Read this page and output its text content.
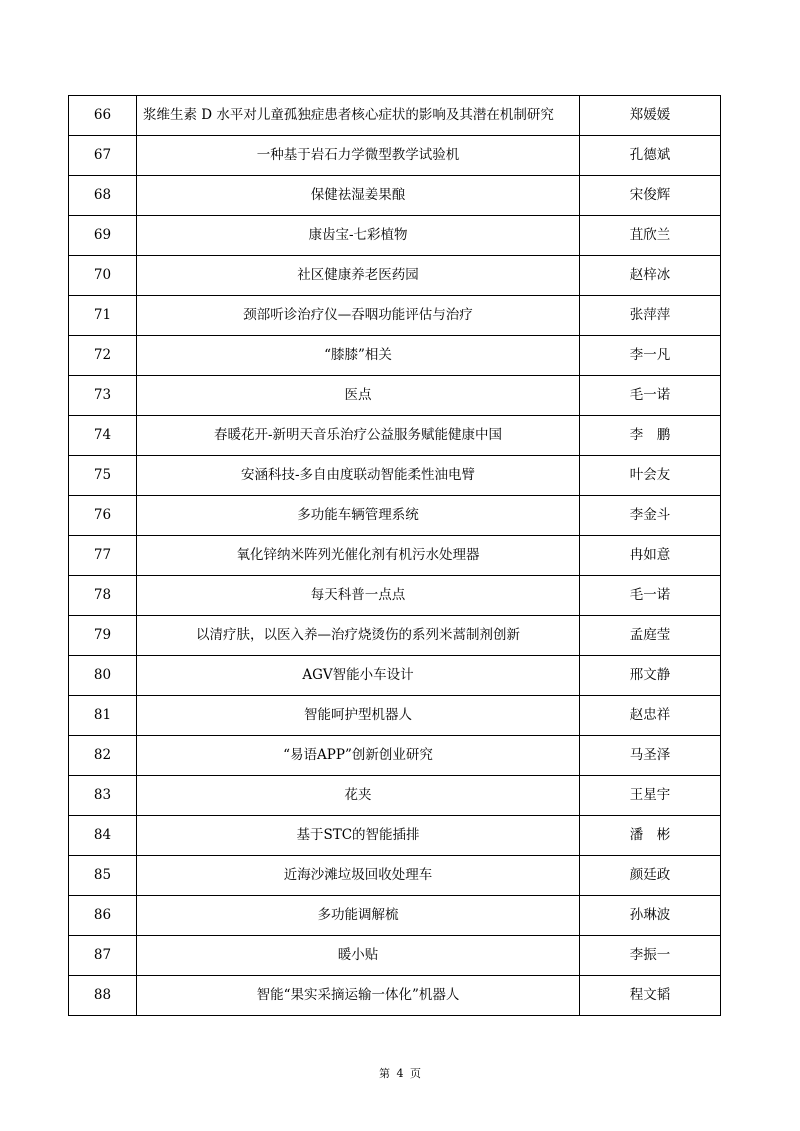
66	浆维生素 D 水平对儿童孤独症患者核心症状的影响及其潜在机制研究	郑媛媛
67	一种基于岩石力学微型教学试验机	孔德斌
68	保健祛湿姜果酿	宋俊辉
69	康齿宝-七彩植物	苴欣兰
70	社区健康养老医药园	赵梓冰
71	颈部听诊治疗仪—吞咽功能评估与治疗	张萍萍
72	“膝膝”相关	李一凡
73	医点	毛一诺
74	春暖花开-新明天音乐治疗公益服务赋能健康中国	李　鹏
75	安涵科技-多自由度联动智能柔性油电臂	叶会友
76	多功能车辆管理系统	李金斗
77	氧化锌纳米阵列光催化剂有机污水处理器	冉如意
78	每天科普一点点	毛一诺
79	以清疗肤，以医入养—治疗烧烫伤的系列米蒿制剂创新	孟庭莹
80	AGV智能小车设计	邢文静
81	智能呵护型机器人	赵忠祥
82	“易语APP”创新创业研究	马圣泽
83	花夹	王星宇
84	基于STC的智能插排	潘　彬
85	近海沙滩垃圾回收处理车	颜廷政
86	多功能调解梳	孙琳波
87	暖小贴	李振一
88	智能“果实采摘运输一体化”机器人	程文韬
第 4 页
